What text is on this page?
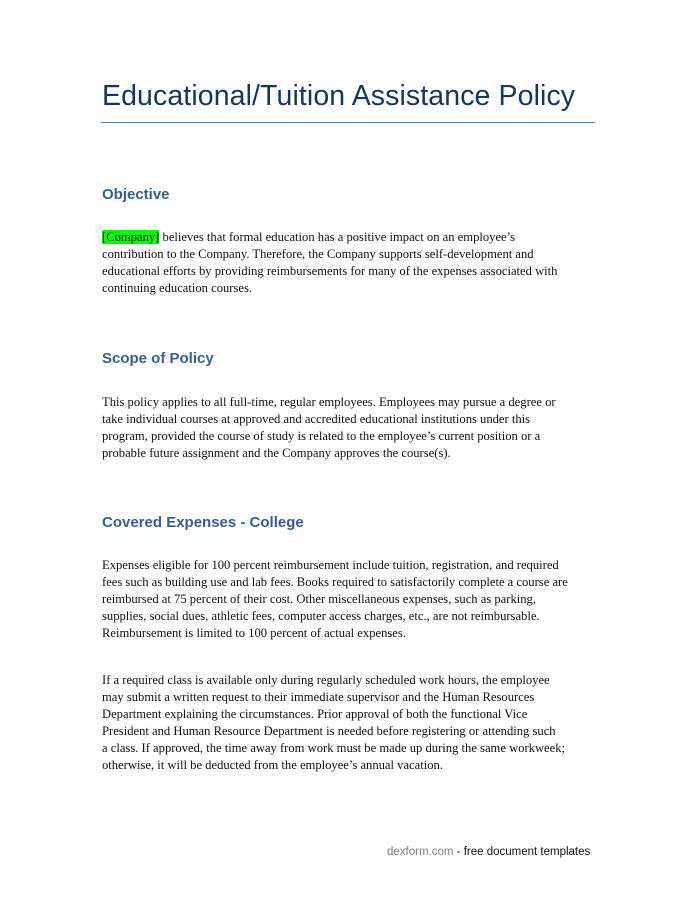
Educational/Tuition Assistance Policy
Objective

[Company] believes that formal education has a positive impact on an employee’s
contribution to the Company. Therefore, the Company supports self-development and
educational efforts by providing reimbursements for many of the expenses associated with
continuing education courses.

Scope of Policy

This policy applies to all full-time, regular employees. Employees may pursue a degree or
take individual courses at approved and accredited educational institutions under this
program, provided the course of study is related to the employee’s current position or a
probable future assignment and the Company approves the course(s).

Covered Expenses - College

Expenses eligible for 100 percent reimbursement include tuition, registration, and required
fees such as building use and lab fees. Books required to satisfactorily complete a course are
reimbursed at 75 percent of their cost. Other miscellaneous expenses, such as parking,
supplies, social dues, athletic fees, computer access charges, etc., are not reimbursable.
Reimbursement is limited to 100 percent of actual expenses.

If a required class is available only during regularly scheduled work hours, the employee
may submit a written request to their immediate supervisor and the Human Resources
Department explaining the circumstances. Prior approval of both the functional Vice
President and Human Resource Department is needed before registering or attending such
a class. If approved, the time away from work must be made up during the same workweek;
otherwise, it will be deducted from the employee’s annual vacation.

dexform.com - free document templates
